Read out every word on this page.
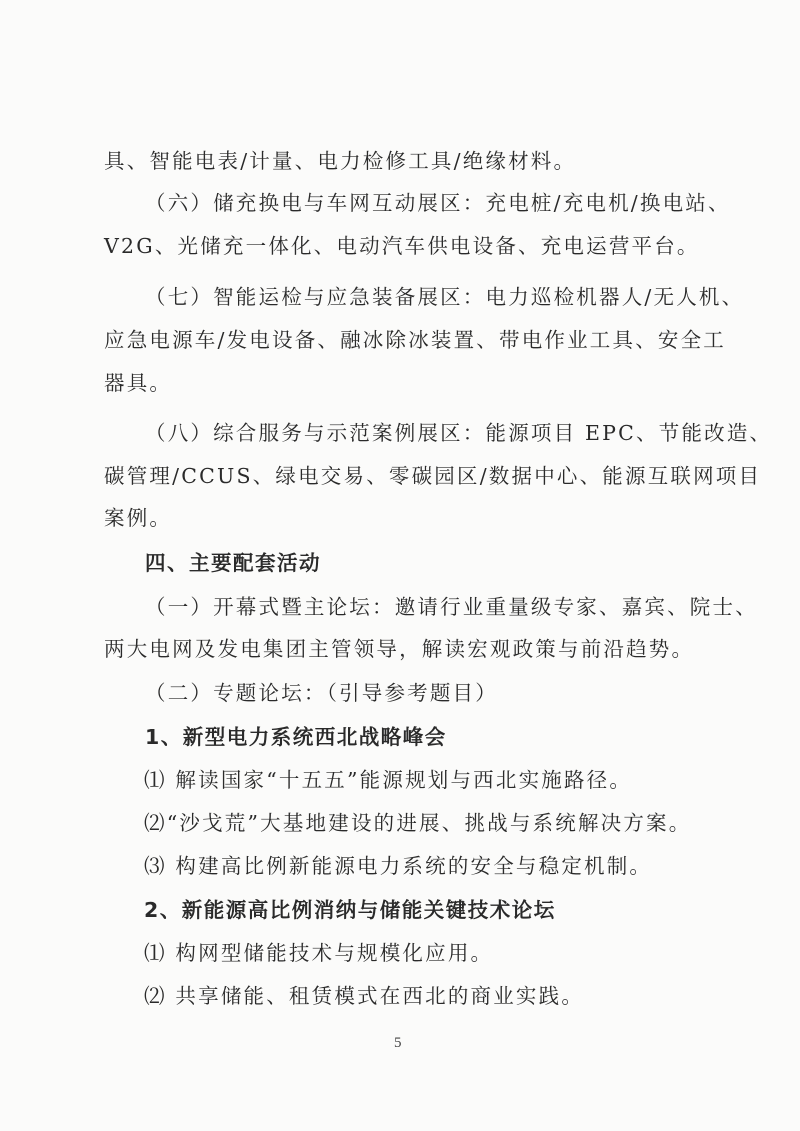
具、智能电表/计量、电力检修工具/绝缘材料。
（六）储充换电与车网互动展区：充电桩/充电机/换电站、
V2G、光储充一体化、电动汽车供电设备、充电运营平台。
（七）智能运检与应急装备展区：电力巡检机器人/无人机、
应急电源车/发电设备、融冰除冰装置、带电作业工具、安全工
器具。
（八）综合服务与示范案例展区：能源项目 EPC、节能改造、
碳管理/CCUS、绿电交易、零碳园区/数据中心、能源互联网项目
案例。
四、主要配套活动
（一）开幕式暨主论坛：邀请行业重量级专家、嘉宾、院士、
两大电网及发电集团主管领导，解读宏观政策与前沿趋势。
（二）专题论坛：（引导参考题目）
1、新型电力系统西北战略峰会
⑴ 解读国家“十五五”能源规划与西北实施路径。
⑵“沙戈荒”大基地建设的进展、挑战与系统解决方案。
⑶ 构建高比例新能源电力系统的安全与稳定机制。
2、新能源高比例消纳与储能关键技术论坛
⑴ 构网型储能技术与规模化应用。
⑵ 共享储能、租赁模式在西北的商业实践。
5
